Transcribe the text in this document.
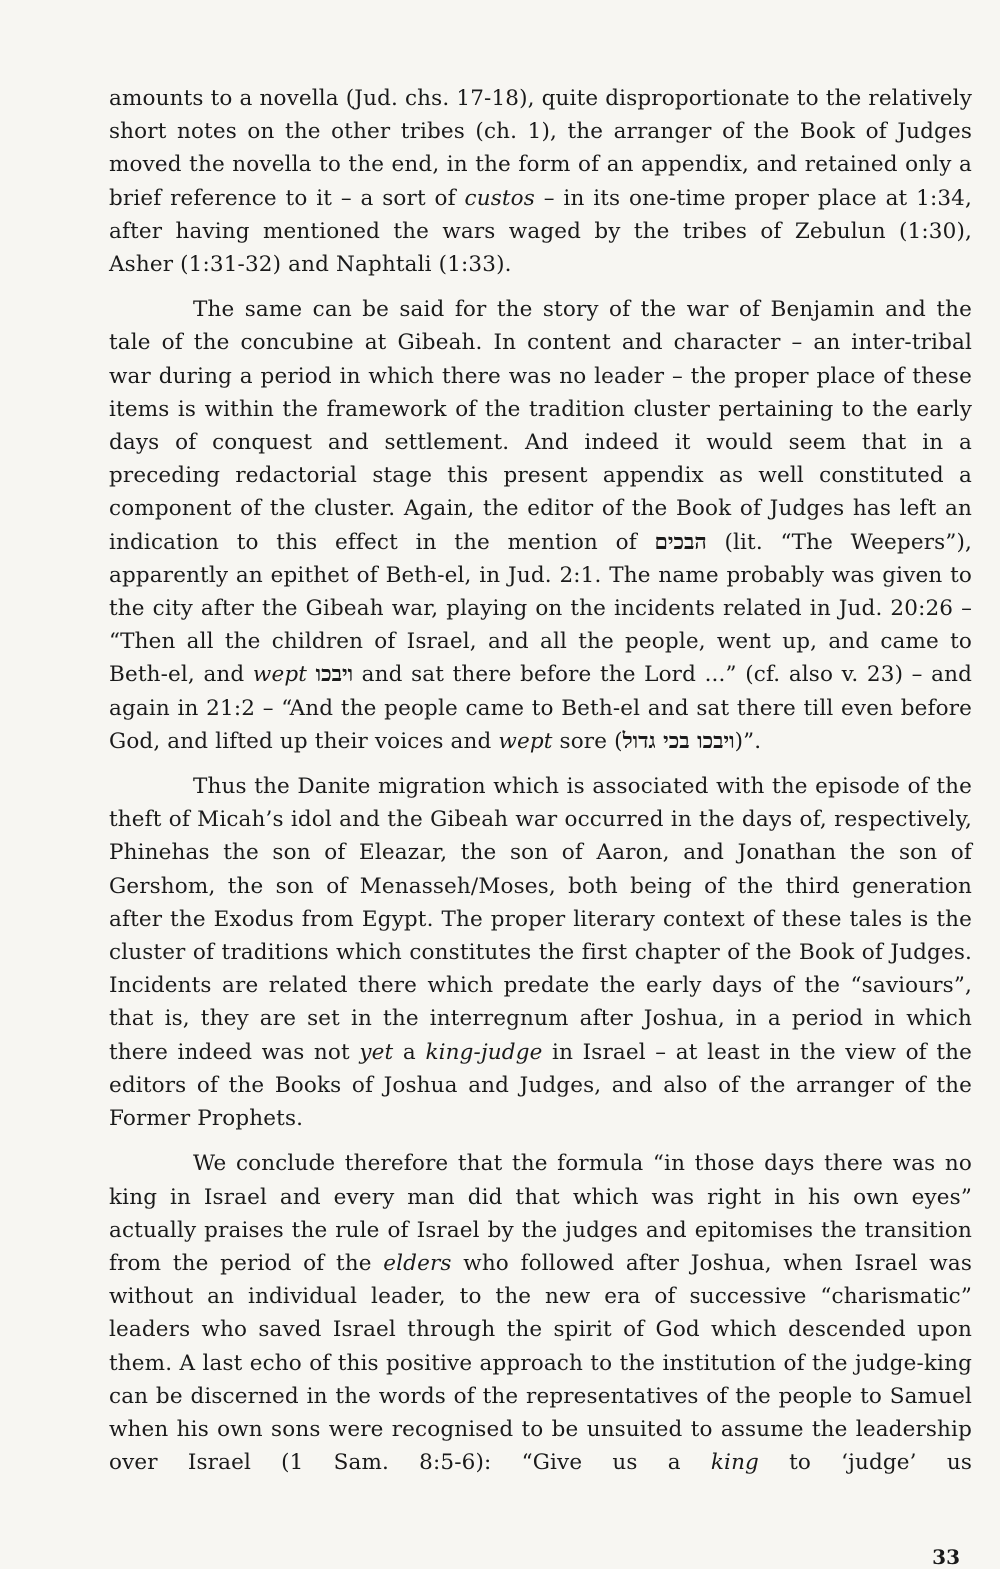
amounts to a novella (Jud. chs. 17-18), quite disproportionate to the relatively short notes on the other tribes (ch. 1), the arranger of the Book of Judges moved the novella to the end, in the form of an appendix, and retained only a brief reference to it – a sort of custos – in its one-time proper place at 1:34, after having mentioned the wars waged by the tribes of Zebulun (1:30), Asher (1:31-32) and Naphtali (1:33).

The same can be said for the story of the war of Benjamin and the tale of the concubine at Gibeah. In content and character – an inter-tribal war during a period in which there was no leader – the proper place of these items is within the framework of the tradition cluster pertaining to the early days of conquest and settlement. And indeed it would seem that in a preceding redactorial stage this present appendix as well constituted a component of the cluster. Again, the editor of the Book of Judges has left an indication to this effect in the mention of הבכים (lit. “The Weepers”), apparently an epithet of Beth-el, in Jud. 2:1. The name probably was given to the city after the Gibeah war, playing on the incidents related in Jud. 20:26 – “Then all the children of Israel, and all the people, went up, and came to Beth-el, and wept ויבכו and sat there before the Lord ...” (cf. also v. 23) – and again in 21:2 – “And the people came to Beth-el and sat there till even before God, and lifted up their voices and wept sore (ויבכו בכי גדול)”.

Thus the Danite migration which is associated with the episode of the theft of Micah’s idol and the Gibeah war occurred in the days of, respectively, Phinehas the son of Eleazar, the son of Aaron, and Jonathan the son of Gershom, the son of Menasseh/Moses, both being of the third generation after the Exodus from Egypt. The proper literary context of these tales is the cluster of traditions which constitutes the first chapter of the Book of Judges. Incidents are related there which predate the early days of the “saviours”, that is, they are set in the interregnum after Joshua, in a period in which there indeed was not yet a king-judge in Israel – at least in the view of the editors of the Books of Joshua and Judges, and also of the arranger of the Former Prophets.

We conclude therefore that the formula “in those days there was no king in Israel and every man did that which was right in his own eyes” actually praises the rule of Israel by the judges and epitomises the transition from the period of the elders who followed after Joshua, when Israel was without an individual leader, to the new era of successive “charismatic” leaders who saved Israel through the spirit of God which descended upon them. A last echo of this positive approach to the institution of the judge-king can be discerned in the words of the representatives of the people to Samuel when his own sons were recognised to be unsuited to assume the leadership over Israel (1 Sam. 8:5-6): “Give us a king to ‘judge’ us

33
